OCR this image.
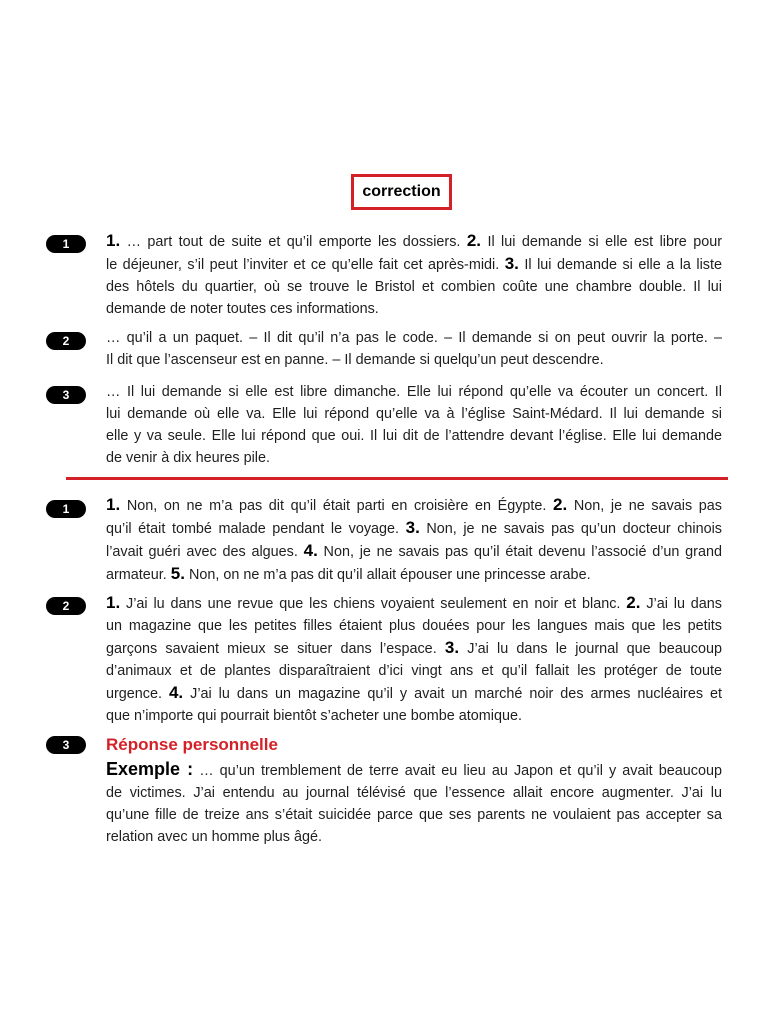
correction
1	1. … part tout de suite et qu’il emporte les dossiers. 2. Il lui demande si elle est libre pour
le déjeuner, s’il peut l’inviter et ce qu’elle fait cet après-midi. 3. Il lui demande si elle a la liste
des hôtels du quartier, où se trouve le Bristol et combien coûte une chambre double. Il lui
demande de noter toutes ces informations.
2	… qu’il a un paquet. – Il dit qu’il n’a pas le code. – Il demande si on peut ouvrir la porte. –
Il dit que l’ascenseur est en panne. – Il demande si quelqu’un peut descendre.
3	… Il lui demande si elle est libre dimanche. Elle lui répond qu’elle va écouter un concert. Il
lui demande où elle va. Elle lui répond qu’elle va à l’église Saint-Médard. Il lui demande si
elle y va seule. Elle lui répond que oui. Il lui dit de l’attendre devant l’église. Elle lui demande
de venir à dix heures pile.
1	1. Non, on ne m’a pas dit qu’il était parti en croisière en Égypte. 2. Non, je ne savais pas
qu’il était tombé malade pendant le voyage. 3. Non, je ne savais pas qu’un docteur chinois
l’avait guéri avec des algues. 4. Non, je ne savais pas qu’il était devenu l’associé d’un grand
armateur. 5. Non, on ne m’a pas dit qu’il allait épouser une princesse arabe.
2	1. J’ai lu dans une revue que les chiens voyaient seulement en noir et blanc. 2. J’ai lu dans
un magazine que les petites filles étaient plus douées pour les langues mais que les petits
garçons savaient mieux se situer dans l’espace. 3. J’ai lu dans le journal que beaucoup
d’animaux et de plantes disparaîtraient d’ici vingt ans et qu’il fallait les protéger de toute
urgence. 4. J’ai lu dans un magazine qu’il y avait un marché noir des armes nucléaires et
que n’importe qui pourrait bientôt s’acheter une bombe atomique.
3	Réponse personnelle
Exemple : … qu’un tremblement de terre avait eu lieu au Japon et qu’il y avait beaucoup
de victimes. J’ai entendu au journal télévisé que l’essence allait encore augmenter. J’ai lu
qu’une fille de treize ans s’était suicidée parce que ses parents ne voulaient pas accepter sa
relation avec un homme plus âgé.
